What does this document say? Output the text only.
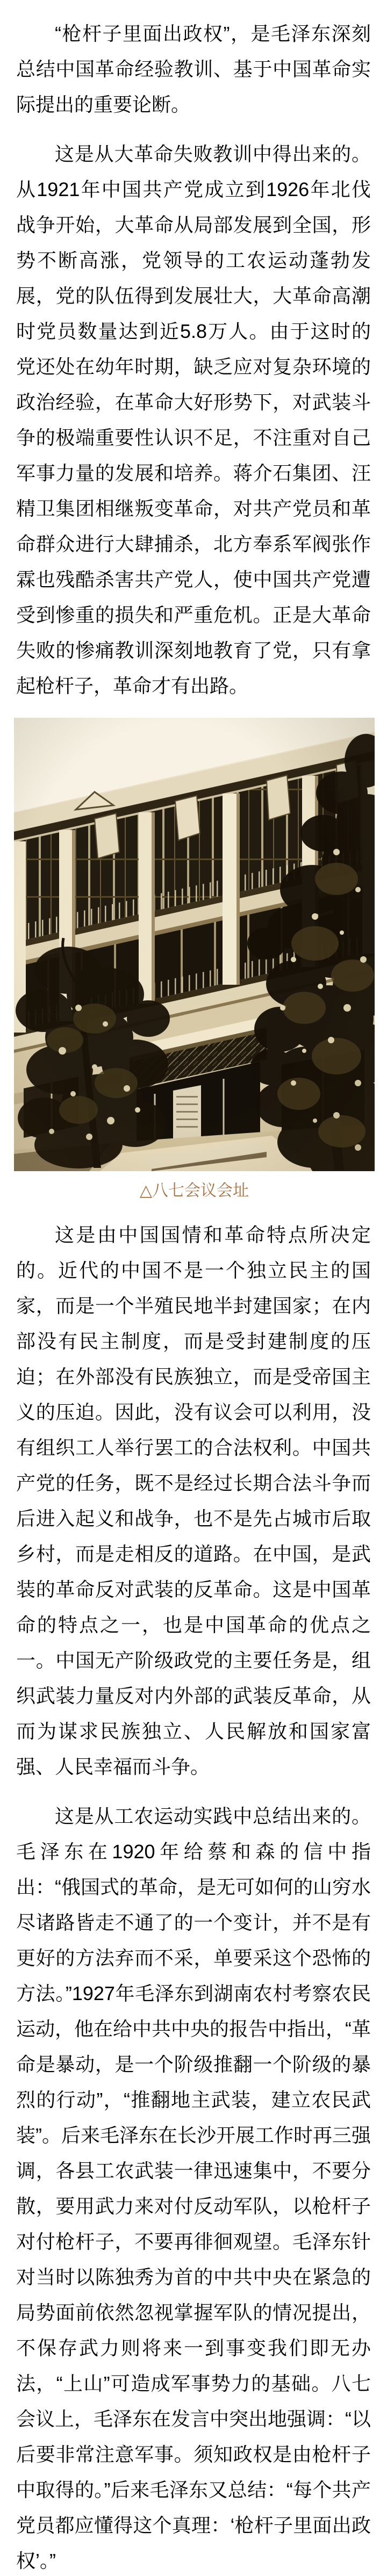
“枪杆子里面出政权”，是毛泽东深刻总结中国革命经验教训、基于中国革命实际提出的重要论断。

这是从大革命失败教训中得出来的。从1921年中国共产党成立到1926年北伐战争开始，大革命从局部发展到全国，形势不断高涨，党领导的工农运动蓬勃发展，党的队伍得到发展壮大，大革命高潮时党员数量达到近5.8万人。由于这时的党还处在幼年时期，缺乏应对复杂环境的政治经验，在革命大好形势下，对武装斗争的极端重要性认识不足，不注重对自己军事力量的发展和培养。蒋介石集团、汪精卫集团相继叛变革命，对共产党员和革命群众进行大肆捕杀，北方奉系军阀张作霖也残酷杀害共产党人，使中国共产党遭受到惨重的损失和严重危机。正是大革命失败的惨痛教训深刻地教育了党，只有拿起枪杆子，革命才有出路。

△八七会议会址

这是由中国国情和革命特点所决定的。近代的中国不是一个独立民主的国家，而是一个半殖民地半封建国家；在内部没有民主制度，而是受封建制度的压迫；在外部没有民族独立，而是受帝国主义的压迫。因此，没有议会可以利用，没有组织工人举行罢工的合法权利。中国共产党的任务，既不是经过长期合法斗争而后进入起义和战争，也不是先占城市后取乡村，而是走相反的道路。在中国，是武装的革命反对武装的反革命。这是中国革命的特点之一，也是中国革命的优点之一。中国无产阶级政党的主要任务是，组织武装力量反对内外部的武装反革命，从而为谋求民族独立、人民解放和国家富强、人民幸福而斗争。

这是从工农运动实践中总结出来的。毛泽东在1920年给蔡和森的信中指出：“俄国式的革命，是无可如何的山穷水尽诸路皆走不通了的一个变计，并不是有更好的方法弃而不采，单要采这个恐怖的方法。”1927年毛泽东到湖南农村考察农民运动，他在给中共中央的报告中指出，“革命是暴动，是一个阶级推翻一个阶级的暴烈的行动”，“推翻地主武装，建立农民武装”。后来毛泽东在长沙开展工作时再三强调，各县工农武装一律迅速集中，不要分散，要用武力来对付反动军队，以枪杆子对付枪杆子，不要再徘徊观望。毛泽东针对当时以陈独秀为首的中共中央在紧急的局势面前依然忽视掌握军队的情况提出，不保存武力则将来一到事变我们即无办法，“上山”可造成军事势力的基础。八七会议上，毛泽东在发言中突出地强调：“以后要非常注意军事。须知政权是由枪杆子中取得的。”后来毛泽东又总结：“每个共产党员都应懂得这个真理：‘枪杆子里面出政权’。”
